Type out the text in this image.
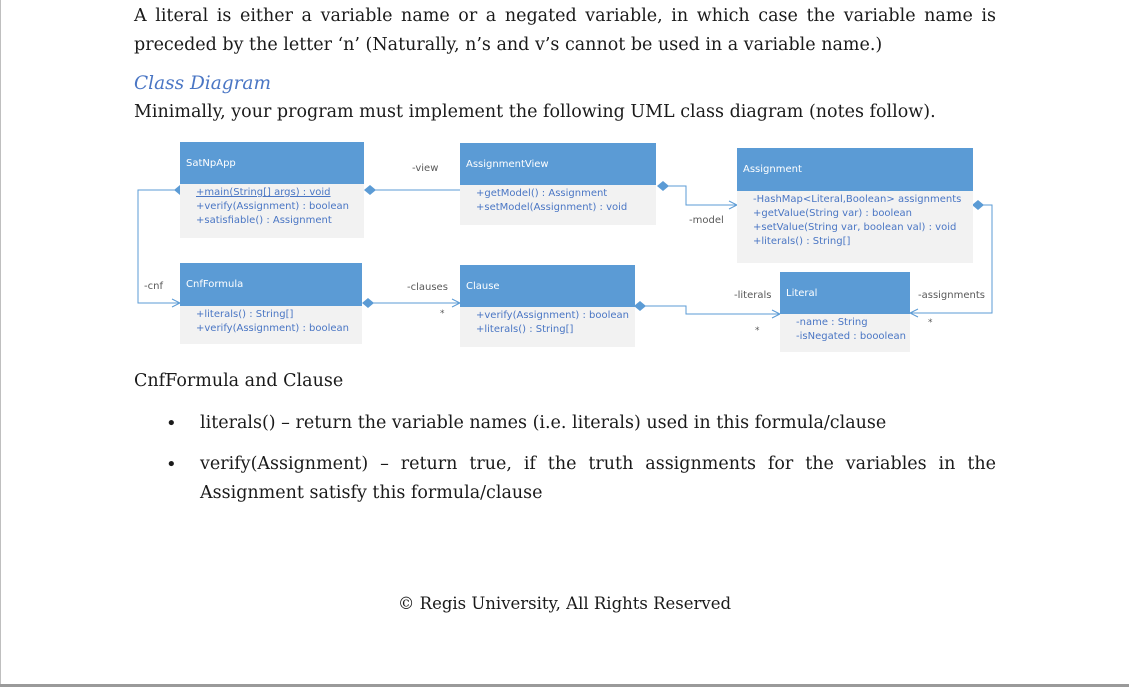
A literal is either a variable name or a negated variable, in which case the variable name is
preceded by the letter ‘n’ (Naturally, n’s and v’s cannot be used in a variable name.)

Class Diagram

Minimally, your program must implement the following UML class diagram (notes follow).

SatNpApp
+main(String[] args) : void
+verify(Assignment) : boolean
+satisfiable() : Assignment
AssignmentView
+getModel() : Assignment
+setModel(Assignment) : void
Assignment
-HashMap<Literal,Boolean> assignments
+getValue(String var) : boolean
+setValue(String var, boolean val) : void
+literals() : String[]
CnfFormula
+literals() : String[]
+verify(Assignment) : boolean
Clause
+verify(Assignment) : boolean
+literals() : String[]
Literal
-name : String
-isNegated : booolean
-view
-model
-cnf	-clauses
-literals	-assignments
*
*
*

CnfFormula and Clause

• literals() – return the variable names (i.e. literals) used in this formula/clause
• verify(Assignment) – return true, if the truth assignments for the variables in the Assignment satisfy this formula/clause
© Regis University, All Rights Reserved
